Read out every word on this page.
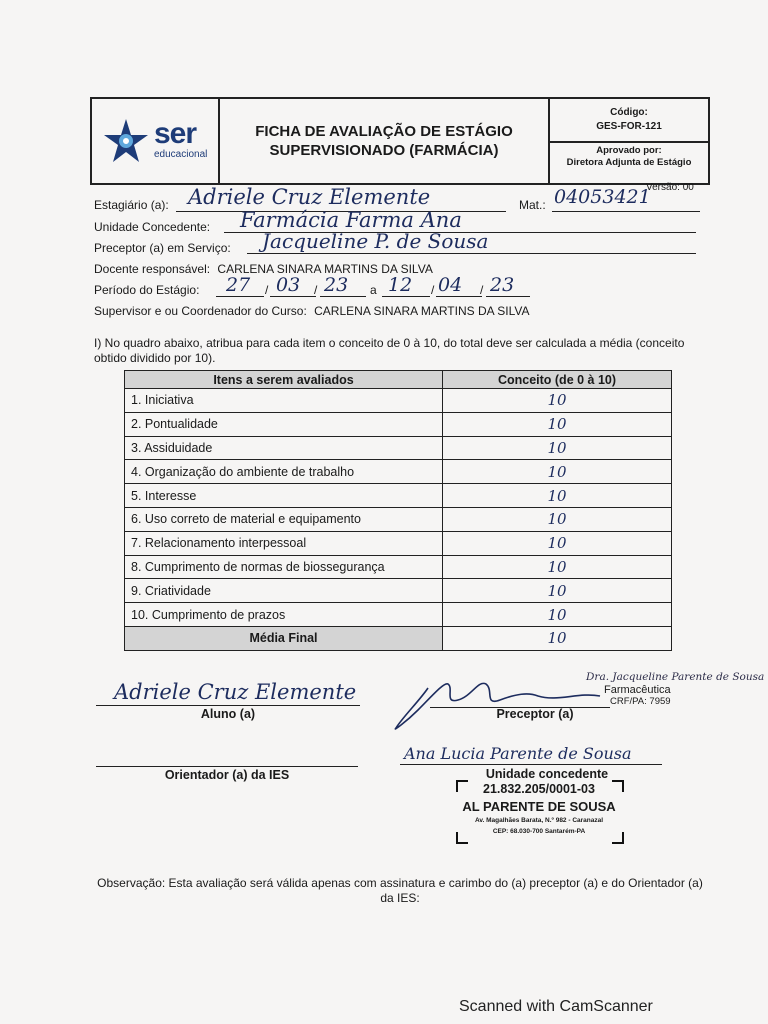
ser
educacional
FICHA DE AVALIAÇÃO DE ESTÁGIO
SUPERVISIONADO (FARMÁCIA)
Código:
GES-FOR-121
Aprovado por:
Diretora Adjunta de Estágio
Versão: 00
Estagiário (a): Adriele Cruz Elemente	Mat.: 04053421
Unidade Concedente: Farmácia Farma Ana
Preceptor (a) em Serviço: Jacqueline P. de Sousa
Docente responsável: CARLENA SINARA MARTINS DA SILVA
Período do Estágio: 27 / 03 / 23 a 12 / 04 / 23
Supervisor e ou Coordenador do Curso: CARLENA SINARA MARTINS DA SILVA
I) No quadro abaixo, atribua para cada item o conceito de 0 à 10, do total deve ser calculada a média (conceito obtido dividido por 10).
Itens a serem avaliados	Conceito (de 0 à 10)
1. Iniciativa	10
2. Pontualidade	10
3. Assiduidade	10
4. Organização do ambiente de trabalho	10
5. Interesse	10
6. Uso correto de material e equipamento	10
7. Relacionamento interpessoal	10
8. Cumprimento de normas de biossegurança	10
9. Criatividade	10
10. Cumprimento de prazos	10
Média Final	10
Adriele Cruz Elemente
Aluno (a)	Preceptor (a)
Dra. Jacqueline Parente de Sousa
Farmacêutica
CRF/PA: 7959
Orientador (a) da IES
Ana Lucia Parente de Sousa
Unidade concedente
21.832.205/0001-03
AL PARENTE DE SOUSA
Av. Magalhães Barata, N.º 982 - Caranazal
CEP: 68.030-700 Santarém-PA
Observação: Esta avaliação será válida apenas com assinatura e carimbo do (a) preceptor (a) e do Orientador (a) da IES:
Scanned with CamScanner
